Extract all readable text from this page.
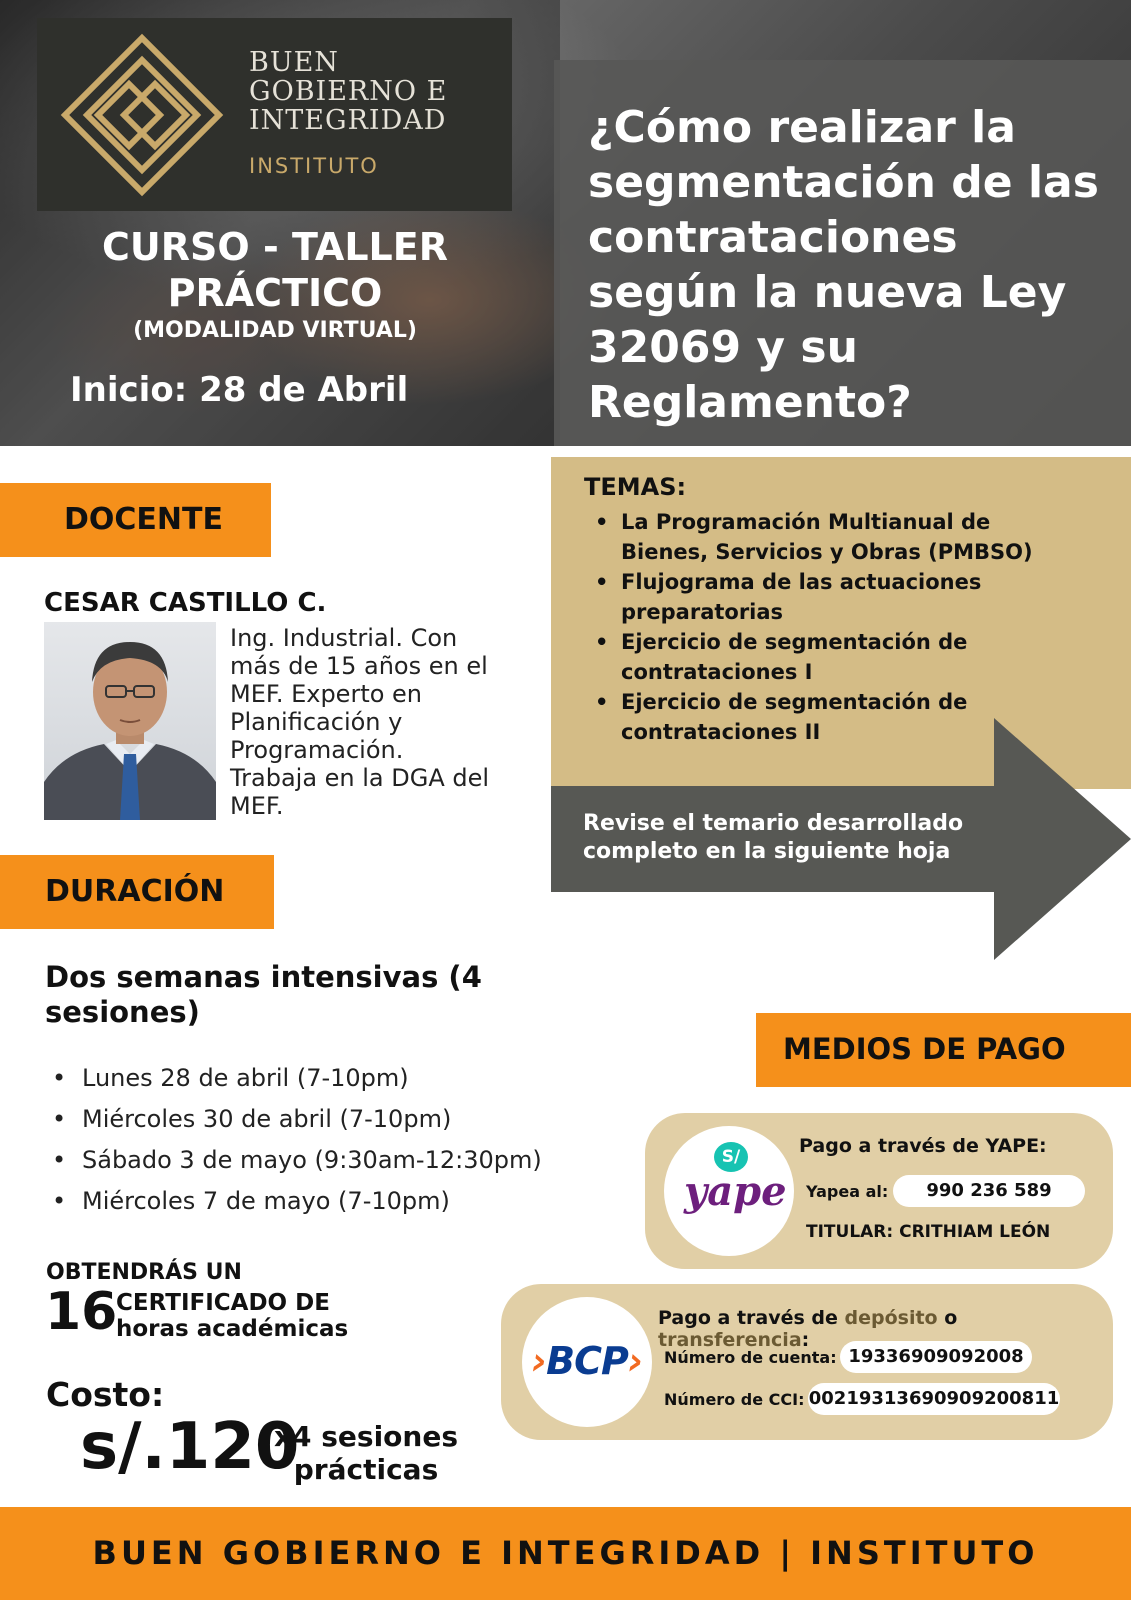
BUEN
GOBIERNO E
INTEGRIDAD
INSTITUTO
CURSO - TALLER
PRÁCTICO
(MODALIDAD VIRTUAL)
Inicio: 28 de Abril
¿Cómo realizar la segmentación de las contrataciones según la nueva Ley 32069 y su Reglamento?
DOCENTE
CESAR CASTILLO C.
Ing. Industrial. Con más de 15 años en el MEF. Experto en Planificación y Programación. Trabaja en la DGA del MEF.
DURACIÓN
Dos semanas intensivas (4 sesiones)
• Lunes 28 de abril (7-10pm)
• Miércoles 30 de abril (7-10pm)
• Sábado 3 de mayo (9:30am-12:30pm)
• Miércoles 7 de mayo (7-10pm)
OBTENDRÁS UN
16
CERTIFICADO DE
horas académicas
Costo:
s/.120
x4 sesiones
prácticas
TEMAS:
• La Programación Multianual de Bienes, Servicios y Obras (PMBSO)
• Flujograma de las actuaciones preparatorias
• Ejercicio de segmentación de contrataciones I
• Ejercicio de segmentación de contrataciones II
Revise el temario desarrollado completo en la siguiente hoja
MEDIOS DE PAGO
S/
yape
Pago a través de YAPE:
Yapea al:	990 236 589
TITULAR: CRITHIAM LEÓN
›BCP›
Pago a través de depósito o transferencia:
Número de cuenta: 19336909092008
Número de CCI: 00219313690909200811
BUEN GOBIERNO E INTEGRIDAD | INSTITUTO
